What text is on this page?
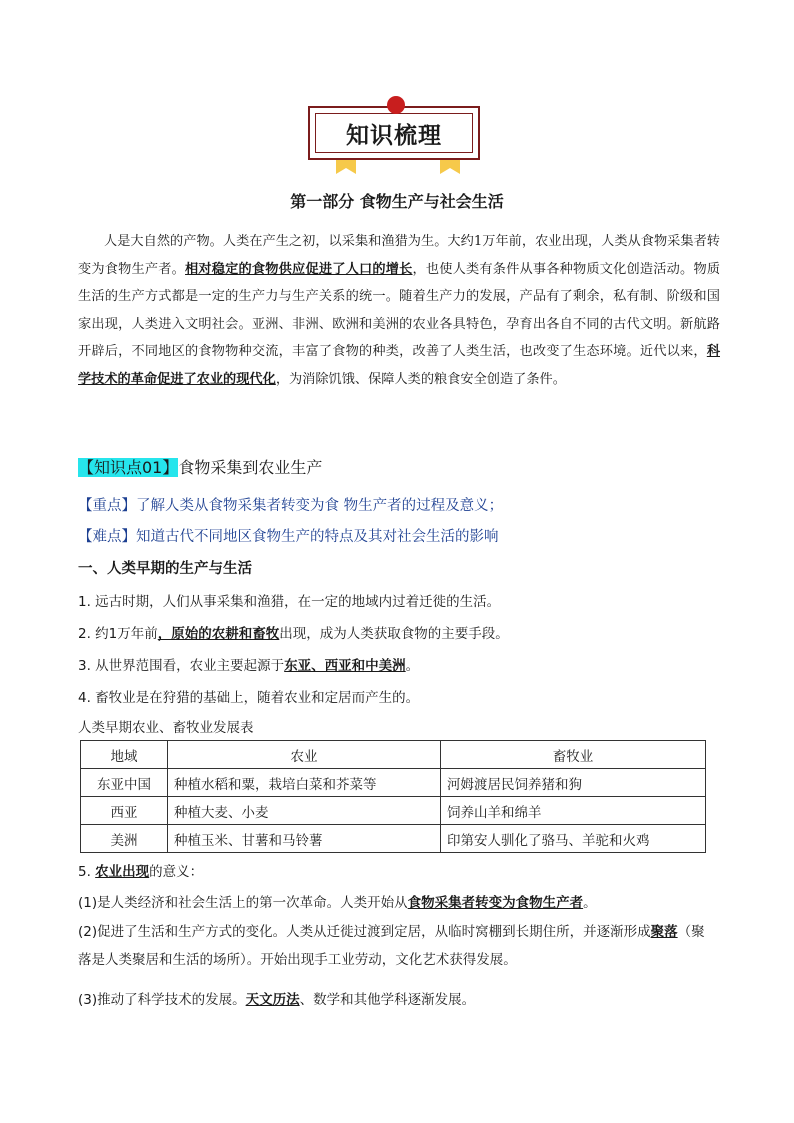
知识梳理
第一部分 食物生产与社会生活
人是大自然的产物。人类在产生之初，以采集和渔猎为生。大约1万年前，农业出现，人类从食物采集者转变为食物生产者。相对稳定的食物供应促进了人口的增长，也使人类有条件从事各种物质文化创造活动。物质生活的生产方式都是一定的生产力与生产关系的统一。随着生产力的发展，产品有了剩余，私有制、阶级和国家出现，人类进入文明社会。亚洲、非洲、欧洲和美洲的农业各具特色，孕育出各自不同的古代文明。新航路开辟后，不同地区的食物物种交流，丰富了食物的种类，改善了人类生活，也改变了生态环境。近代以来，科学技术的革命促进了农业的现代化，为消除饥饿、保障人类的粮食安全创造了条件。
【知识点01】食物采集到农业生产
【重点】了解人类从食物采集者转变为食 物生产者的过程及意义；
【难点】知道古代不同地区食物生产的特点及其对社会生活的影响
一、人类早期的生产与生活
1. 远古时期，人们从事采集和渔猎，在一定的地域内过着迁徙的生活。
2. 约1万年前，原始的农耕和畜牧出现，成为人类获取食物的主要手段。
3. 从世界范围看，农业主要起源于东亚、西亚和中美洲。
4. 畜牧业是在狩猎的基础上，随着农业和定居而产生的。
人类早期农业、畜牧业发展表
地域	农业	畜牧业
东亚中国	种植水稻和粟，栽培白菜和芥菜等	河姆渡居民饲养猪和狗
西亚	种植大麦、小麦	饲养山羊和绵羊
美洲	种植玉米、甘薯和马铃薯	印第安人驯化了骆马、羊驼和火鸡
5. 农业出现的意义：
(1)是人类经济和社会生活上的第一次革命。人类开始从食物采集者转变为食物生产者。
(2)促进了生活和生产方式的变化。人类从迁徙过渡到定居，从临时窝棚到长期住所，并逐渐形成聚落（聚落是人类聚居和生活的场所）。开始出现手工业劳动，文化艺术获得发展。
(3)推动了科学技术的发展。天文历法、数学和其他学科逐渐发展。
